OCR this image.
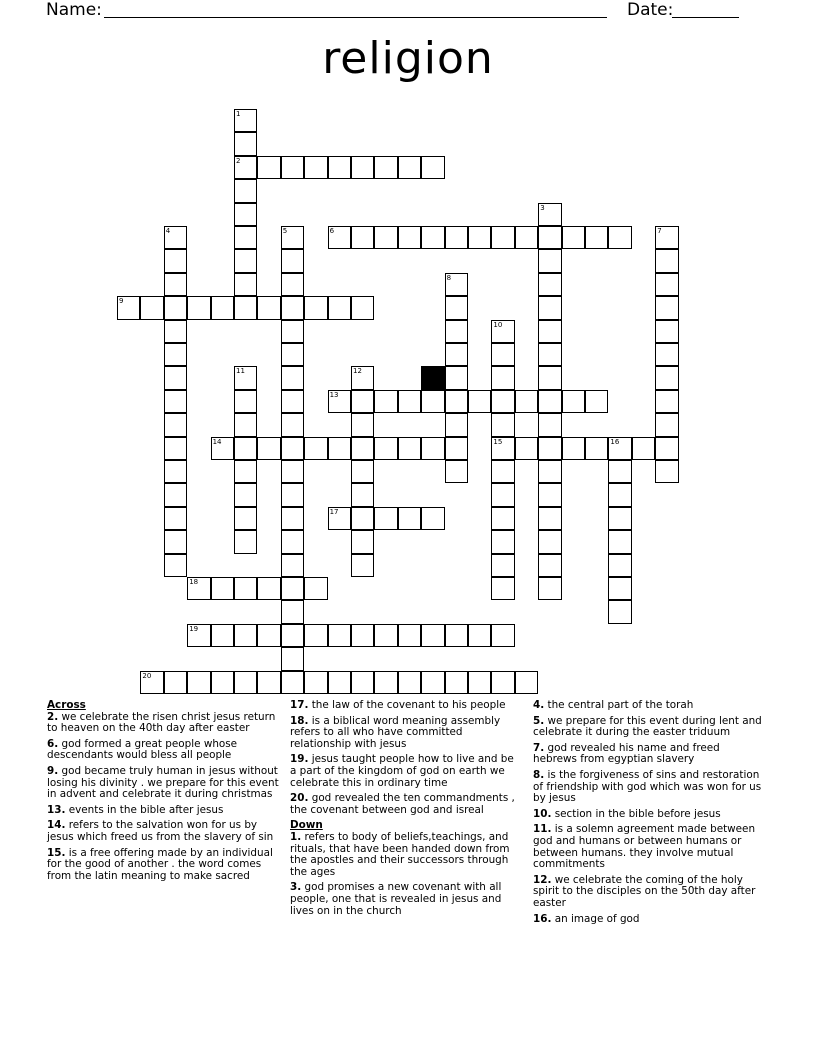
Name:	Date:
religion
2
6
9
13
14	15	16
17
18
19
20
1
3
4	5	7
8
10
11	12
Across
2. we celebrate the risen christ jesus return to heaven on the 40th day after easter
6. god formed a great people whose descendants would bless all people
9. god became truly human in jesus without losing his divinity . we prepare for this event in advent and celebrate it during christmas
13. events in the bible after jesus
14. refers to the salvation won for us by jesus which freed us from the slavery of sin
15. is a free offering made by an individual for the good of another . the word comes from the latin meaning to make sacred
17. the law of the covenant to his people
18. is a biblical word meaning assembly refers to all who have committed relationship with jesus
19. jesus taught people how to live and be a part of the kingdom of god on earth we celebrate this in ordinary time
20. god revealed the ten commandments , the covenant between god and isreal
Down
1. refers to body of beliefs,teachings, and rituals, that have been handed down from the apostles and their successors through the ages
3. god promises a new covenant with all people, one that is revealed in jesus and lives on in the church
4. the central part of the torah
5. we prepare for this event during lent and celebrate it during the easter triduum
7. god revealed his name and freed hebrews from egyptian slavery
8. is the forgiveness of sins and restoration of friendship with god which was won for us by jesus
10. section in the bible before jesus
11. is a solemn agreement made between god and humans or between humans or between humans. they involve mutual commitments
12. we celebrate the coming of the holy spirit to the disciples on the 50th day after easter
16. an image of god
